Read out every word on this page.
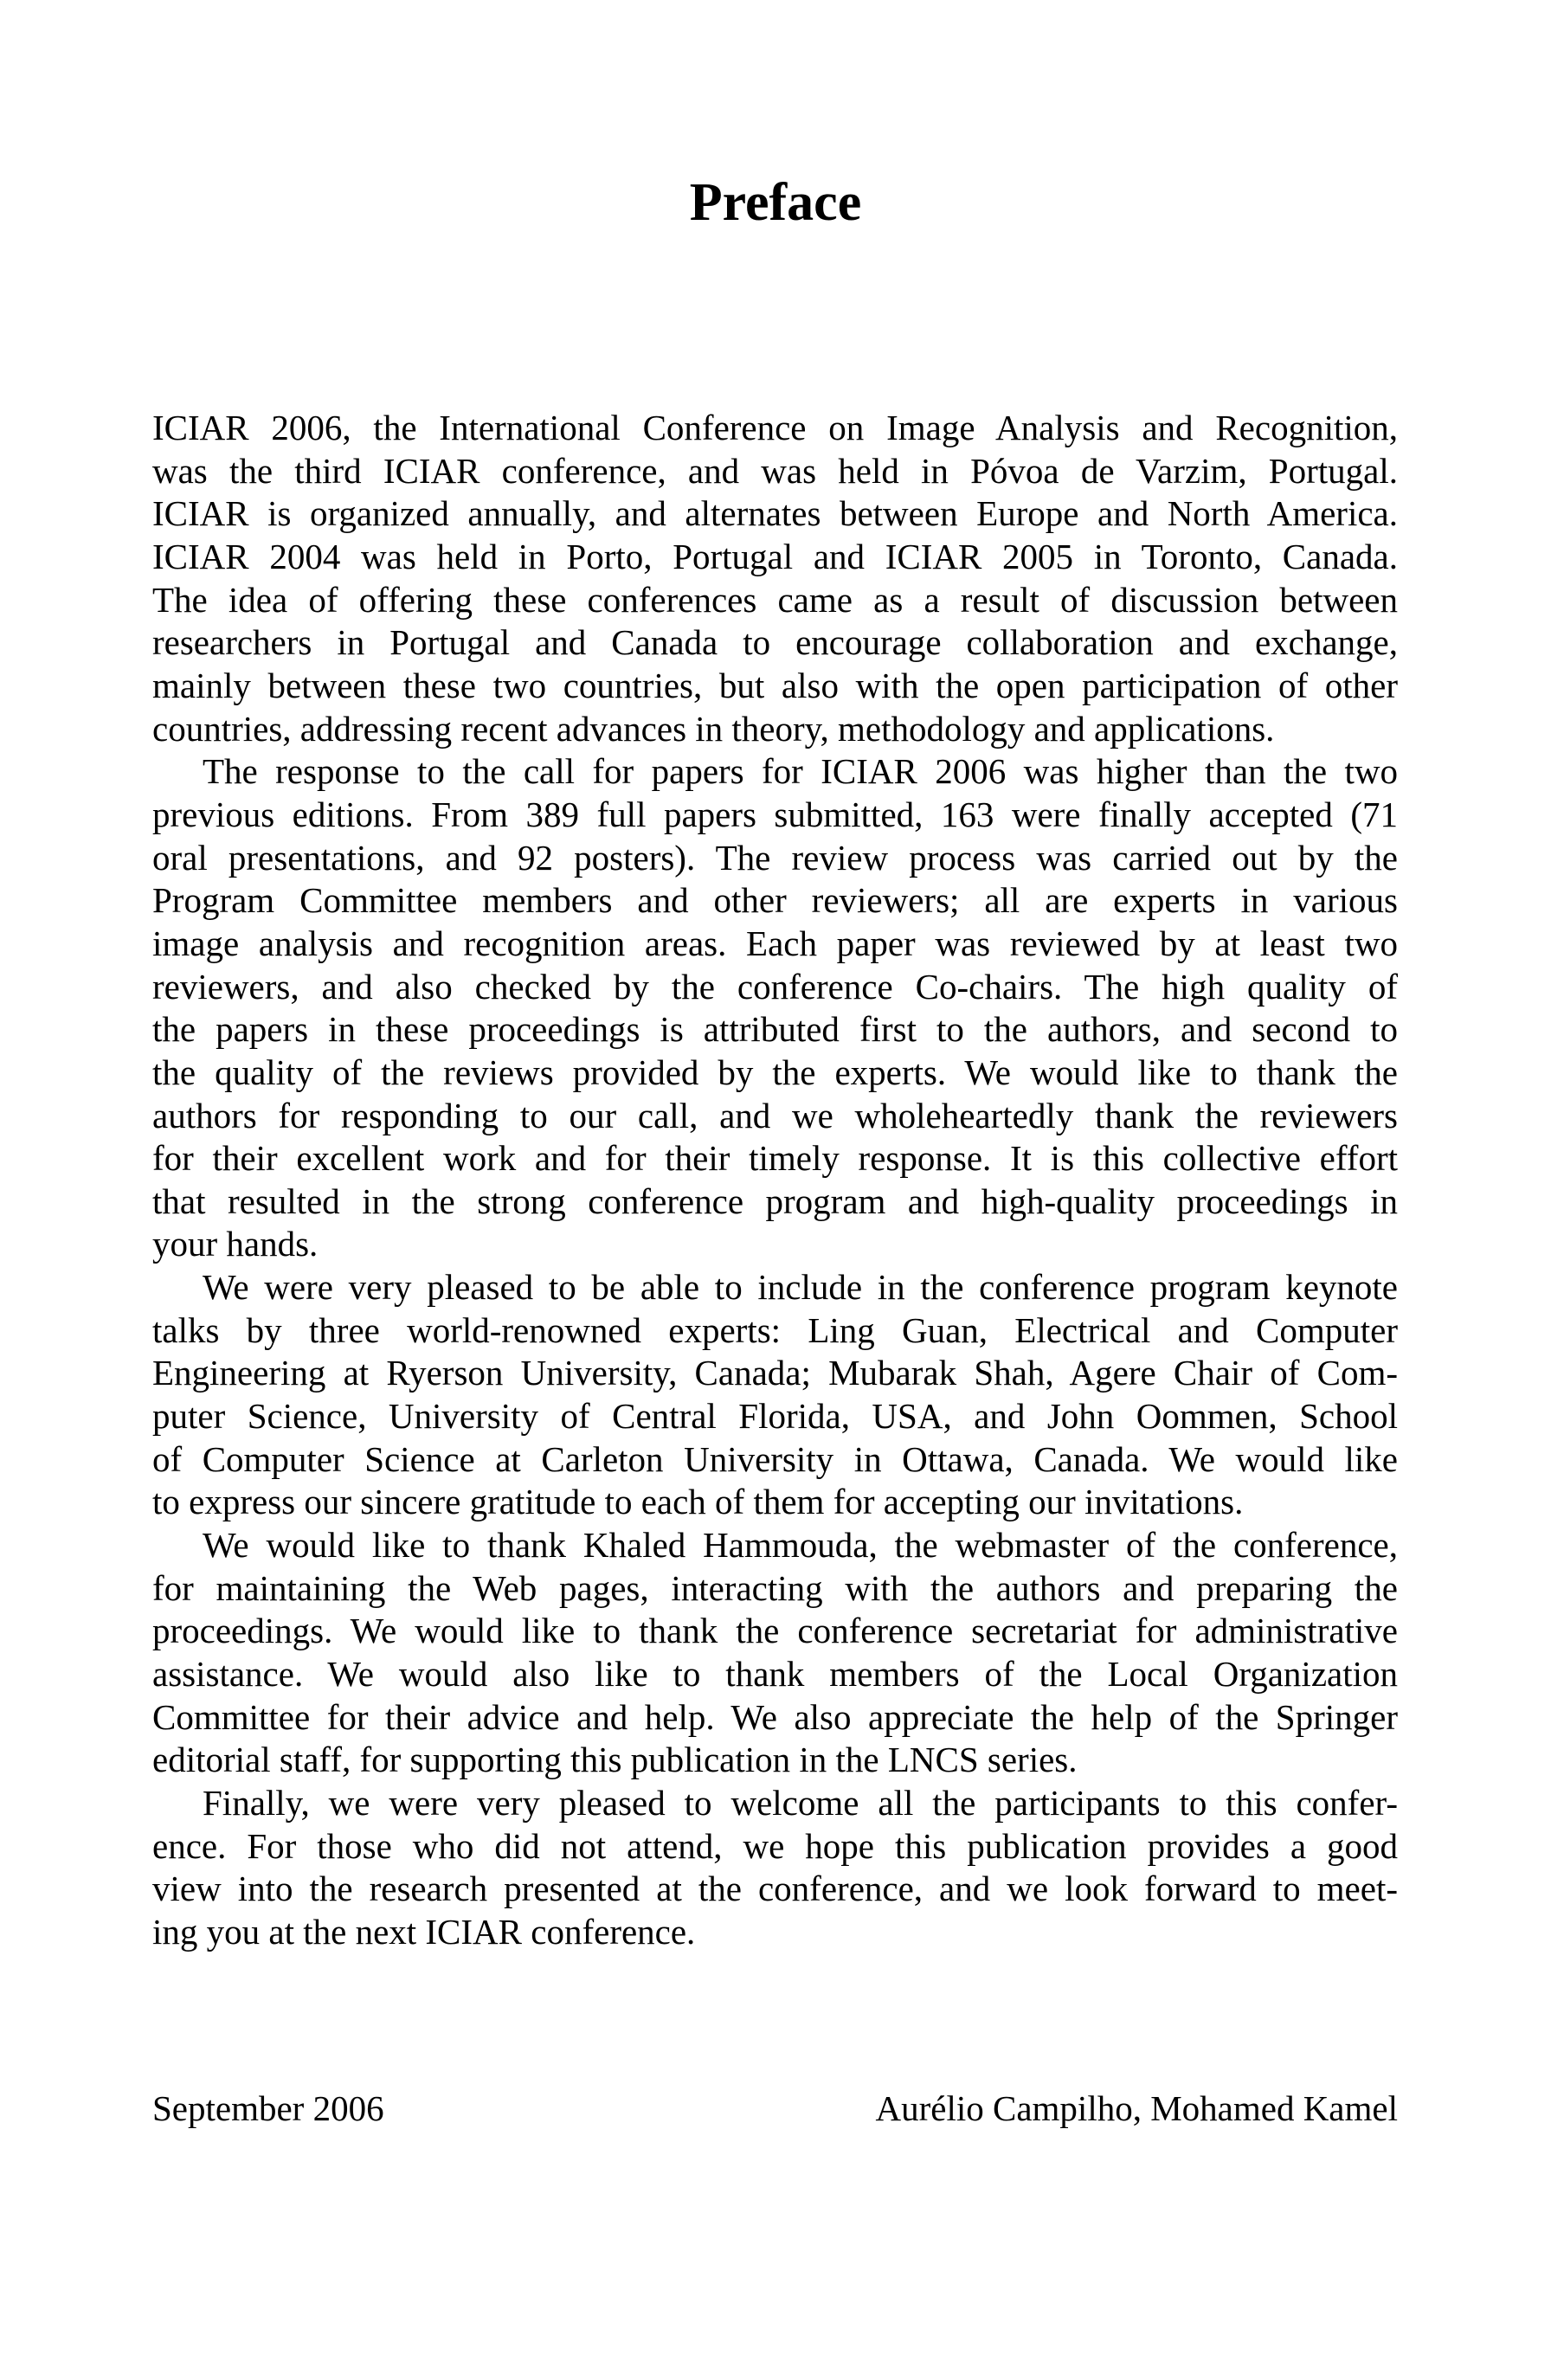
Preface
ICIAR 2006, the International Conference on Image Analysis and Recognition,
was the third ICIAR conference, and was held in Póvoa de Varzim, Portugal.
ICIAR is organized annually, and alternates between Europe and North America.
ICIAR 2004 was held in Porto, Portugal and ICIAR 2005 in Toronto, Canada.
The idea of offering these conferences came as a result of discussion between
researchers in Portugal and Canada to encourage collaboration and exchange,
mainly between these two countries, but also with the open participation of other
countries, addressing recent advances in theory, methodology and applications.
The response to the call for papers for ICIAR 2006 was higher than the two
previous editions. From 389 full papers submitted, 163 were finally accepted (71
oral presentations, and 92 posters). The review process was carried out by the
Program Committee members and other reviewers; all are experts in various
image analysis and recognition areas. Each paper was reviewed by at least two
reviewers, and also checked by the conference Co-chairs. The high quality of
the papers in these proceedings is attributed first to the authors, and second to
the quality of the reviews provided by the experts. We would like to thank the
authors for responding to our call, and we wholeheartedly thank the reviewers
for their excellent work and for their timely response. It is this collective effort
that resulted in the strong conference program and high-quality proceedings in
your hands.
We were very pleased to be able to include in the conference program keynote
talks by three world-renowned experts: Ling Guan, Electrical and Computer
Engineering at Ryerson University, Canada; Mubarak Shah, Agere Chair of Com-
puter Science, University of Central Florida, USA, and John Oommen, School
of Computer Science at Carleton University in Ottawa, Canada. We would like
to express our sincere gratitude to each of them for accepting our invitations.
We would like to thank Khaled Hammouda, the webmaster of the conference,
for maintaining the Web pages, interacting with the authors and preparing the
proceedings. We would like to thank the conference secretariat for administrative
assistance. We would also like to thank members of the Local Organization
Committee for their advice and help. We also appreciate the help of the Springer
editorial staff, for supporting this publication in the LNCS series.
Finally, we were very pleased to welcome all the participants to this confer-
ence. For those who did not attend, we hope this publication provides a good
view into the research presented at the conference, and we look forward to meet-
ing you at the next ICIAR conference.
September 2006	Aurélio Campilho, Mohamed Kamel
